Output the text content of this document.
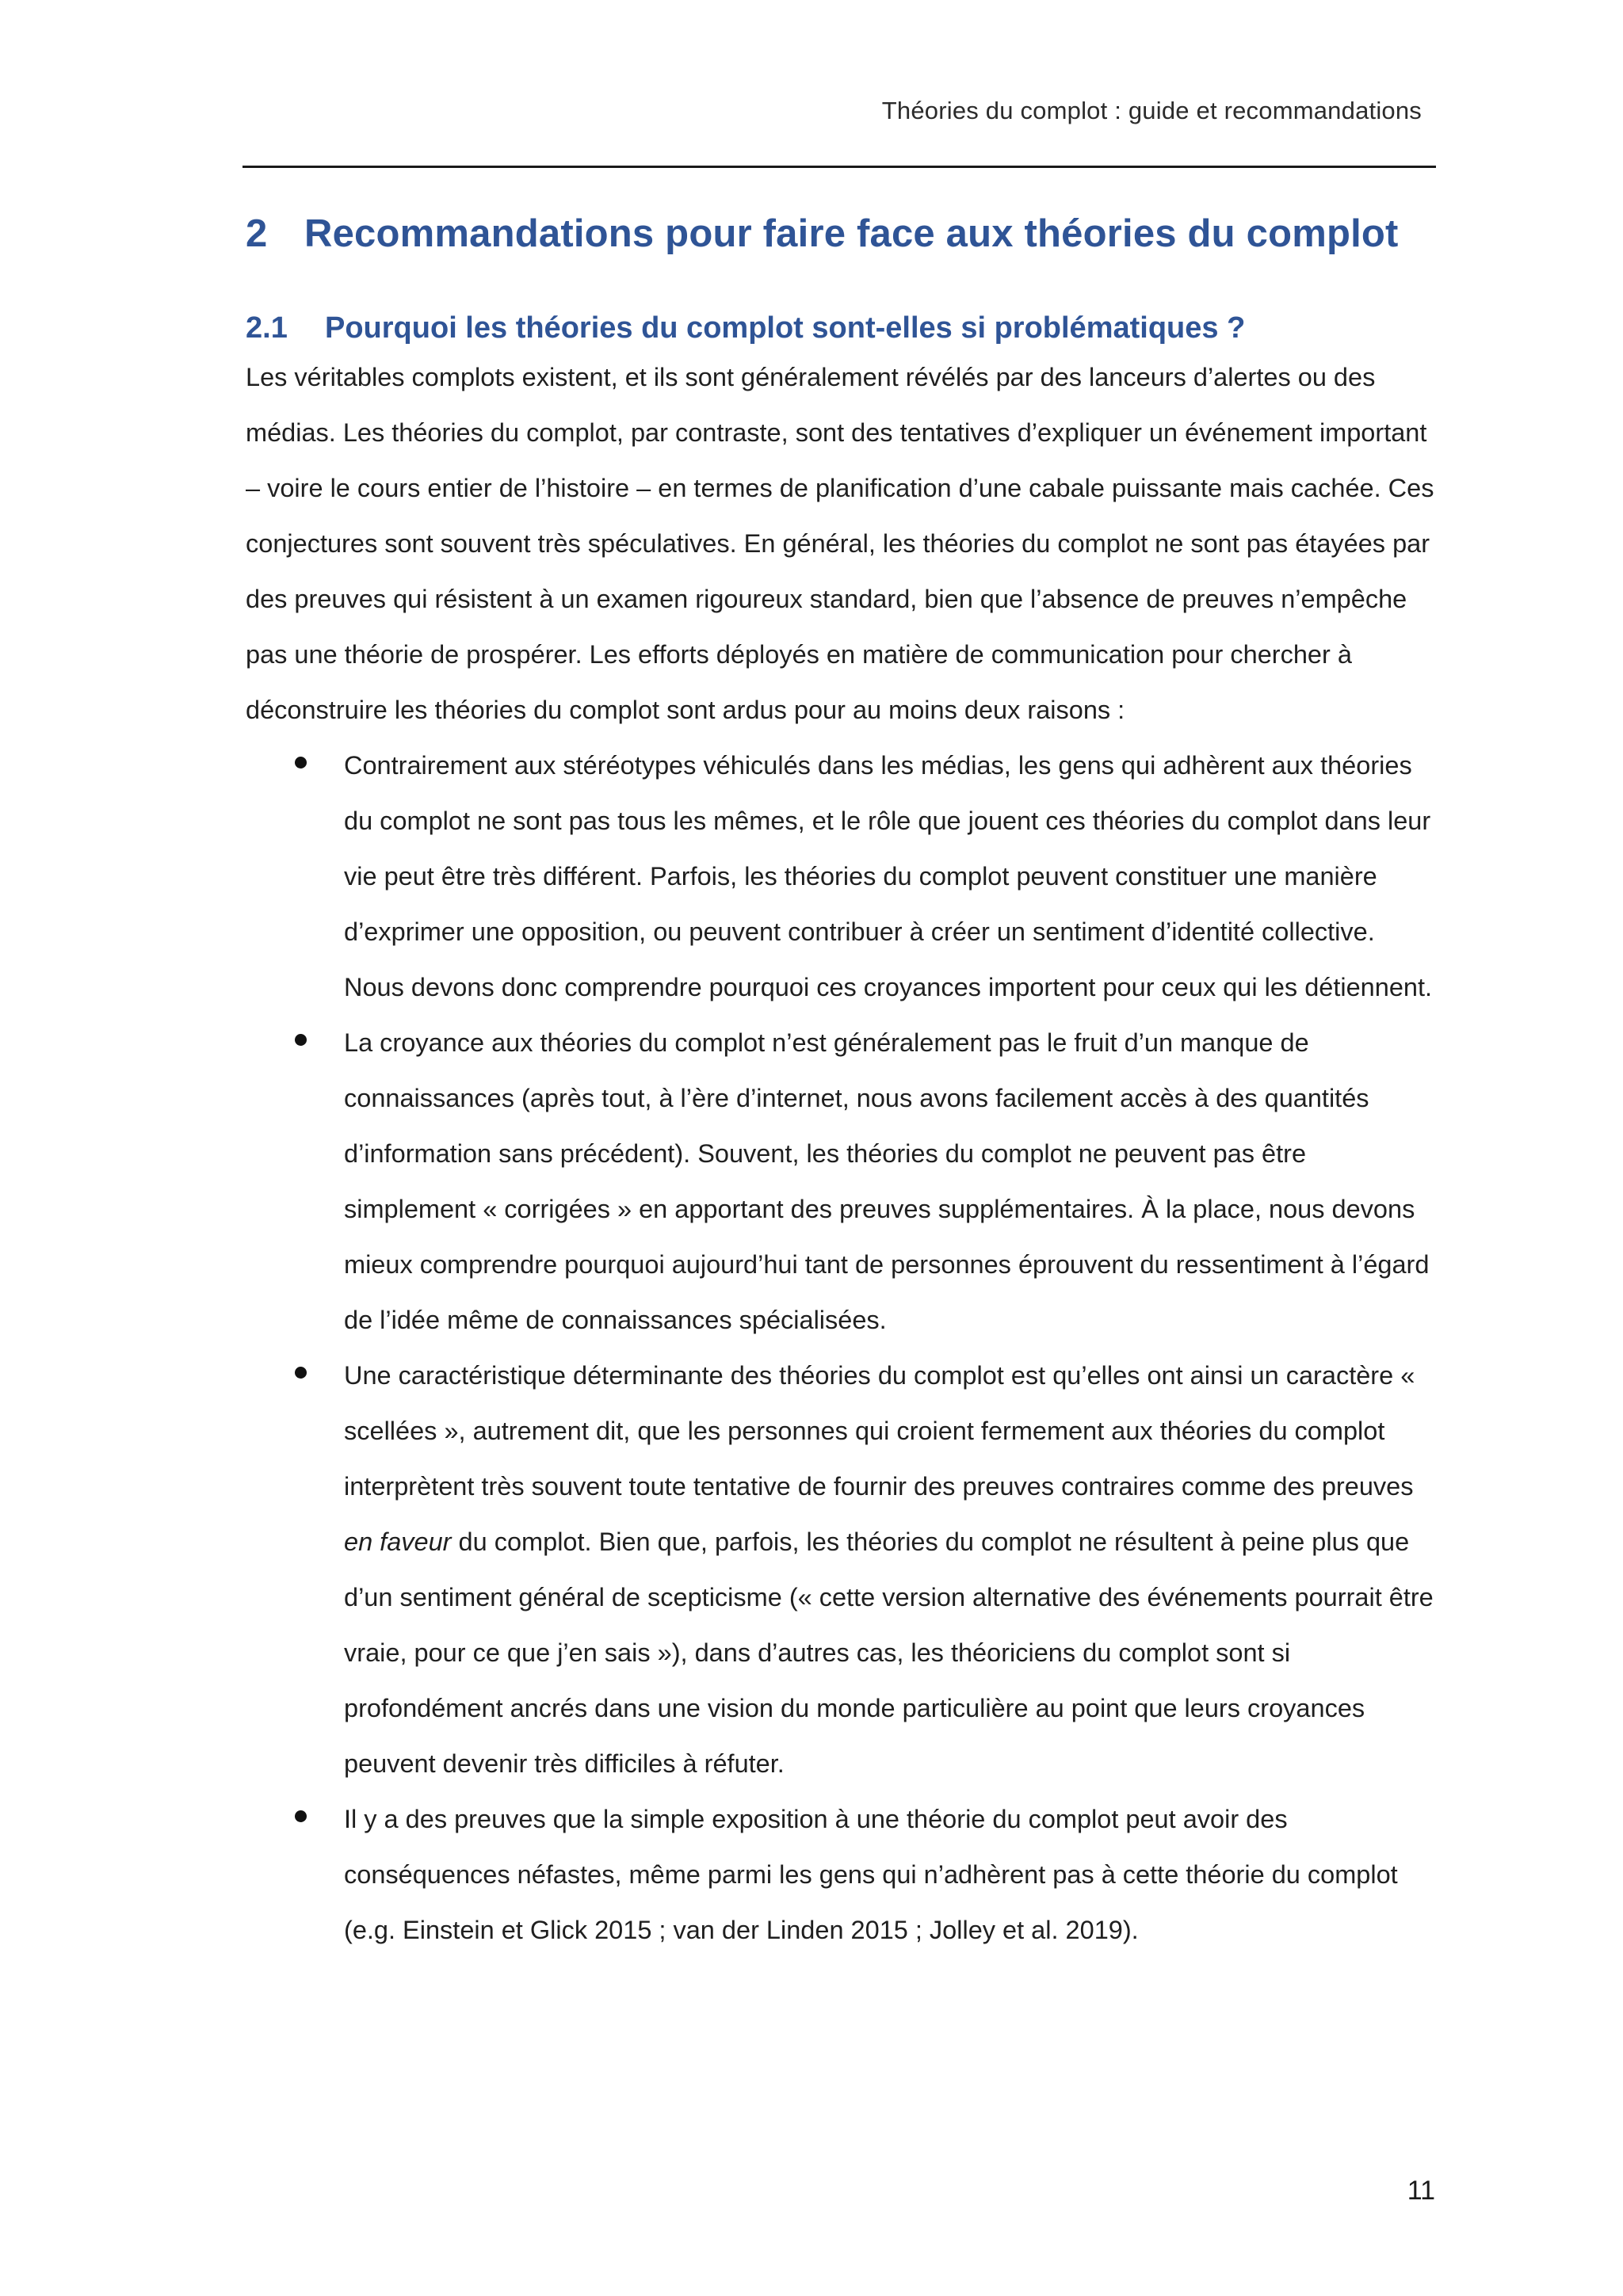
Théories du complot : guide et recommandations
2 Recommandations pour faire face aux théories du complot
2.1	Pourquoi les théories du complot sont-elles si problématiques ?

Les véritables complots existent, et ils sont généralement révélés par des lanceurs d’alertes ou des médias. Les théories du complot, par contraste, sont des tentatives d’expliquer un événement important – voire le cours entier de l’histoire – en termes de planification d’une cabale puissante mais cachée. Ces conjectures sont souvent très spéculatives. En général, les théories du complot ne sont pas étayées par des preuves qui résistent à un examen rigoureux standard, bien que l’absence de preuves n’empêche pas une théorie de prospérer. Les efforts déployés en matière de communication pour chercher à déconstruire les théories du complot sont ardus pour au moins deux raisons :

Contrairement aux stéréotypes véhiculés dans les médias, les gens qui adhèrent aux théories du complot ne sont pas tous les mêmes, et le rôle que jouent ces théories du complot dans leur vie peut être très différent. Parfois, les théories du complot peuvent constituer une manière d’exprimer une opposition, ou peuvent contribuer à créer un sentiment d’identité collective. Nous devons donc comprendre pourquoi ces croyances importent pour ceux qui les détiennent.
La croyance aux théories du complot n’est généralement pas le fruit d’un manque de connaissances (après tout, à l’ère d’internet, nous avons facilement accès à des quantités d’information sans précédent). Souvent, les théories du complot ne peuvent pas être simplement « corrigées » en apportant des preuves supplémentaires. À la place, nous devons mieux comprendre pourquoi aujourd’hui tant de personnes éprouvent du ressentiment à l’égard de l’idée même de connaissances spécialisées.
Une caractéristique déterminante des théories du complot est qu’elles ont ainsi un caractère « scellées », autrement dit, que les personnes qui croient fermement aux théories du complot interprètent très souvent toute tentative de fournir des preuves contraires comme des preuves en faveur du complot. Bien que, parfois, les théories du complot ne résultent à peine plus que d’un sentiment général de scepticisme (« cette version alternative des événements pourrait être vraie, pour ce que j’en sais »), dans d’autres cas, les théoriciens du complot sont si profondément ancrés dans une vision du monde particulière au point que leurs croyances peuvent devenir très difficiles à réfuter.
Il y a des preuves que la simple exposition à une théorie du complot peut avoir des conséquences néfastes, même parmi les gens qui n’adhèrent pas à cette théorie du complot (e.g. Einstein et Glick 2015 ; van der Linden 2015 ; Jolley et al. 2019).
11
